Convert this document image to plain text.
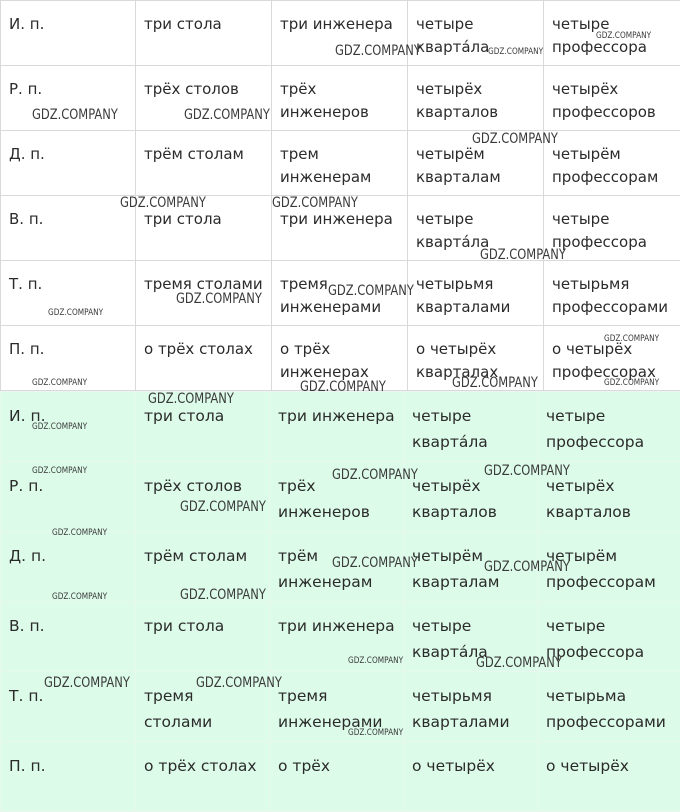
И. п.	три стола	три инженера	четыре кварта́ла	четыре профессора
Р. п.	трёх столов	трёх инженеров	четырёх кварталов	четырёх профессоров
Д. п.	трём столам	трем инженерам	четырём кварталам	четырём профессорам
В. п.	три стола	три инженера	четыре кварта́ла	четыре профессора
Т. п.	тремя столами	тремя инженерами	четырьмя кварталами	четырьмя профессорами
П. п.	о трёх столах	о трёх инженерах	о четырёх кварталах	о четырёх профессорах
И. п.	три стола	три инженера	четыре кварта́ла	четыре профессора
Р. п.	трёх столов	трёх инженеров	четырёх кварталов	четырёх кварталов
Д. п.	трём столам	трём инженерам	четырём кварталам	четырём профессорам
В. п.	три стола	три инженера	четыре кварта́ла	четыре профессора
Т. п.	тремя столами	тремя инженерами	четырьмя кварталами	четырьма профессорами
П. п.	о трёх столах	о трёх	о четырёх	о четырёх
GDZ.COMPANY	GDZ.COMPANY
GDZ.COMPANY
GDZ.COMPANY	GDZ.COMPANY
GDZ.COMPANY
GDZ.COMPANY	GDZ.COMPANY
GDZ.COMPANY
GDZ.COMPANY
GDZ.COMPANY
GDZ.COMPANY
GDZ.COMPANY
GDZ.COMPANY	GDZ.COMPANY	GDZ.COMPANY	GDZ.COMPANY
GDZ.COMPANY
GDZ.COMPANY
GDZ.COMPANY	GDZ.COMPANY	GDZ.COMPANY
GDZ.COMPANY
GDZ.COMPANY
GDZ.COMPANY	GDZ.COMPANY
GDZ.COMPANY	GDZ.COMPANY
GDZ.COMPANY	GDZ.COMPANY
GDZ.COMPANY	GDZ.COMPANY
GDZ.COMPANY
